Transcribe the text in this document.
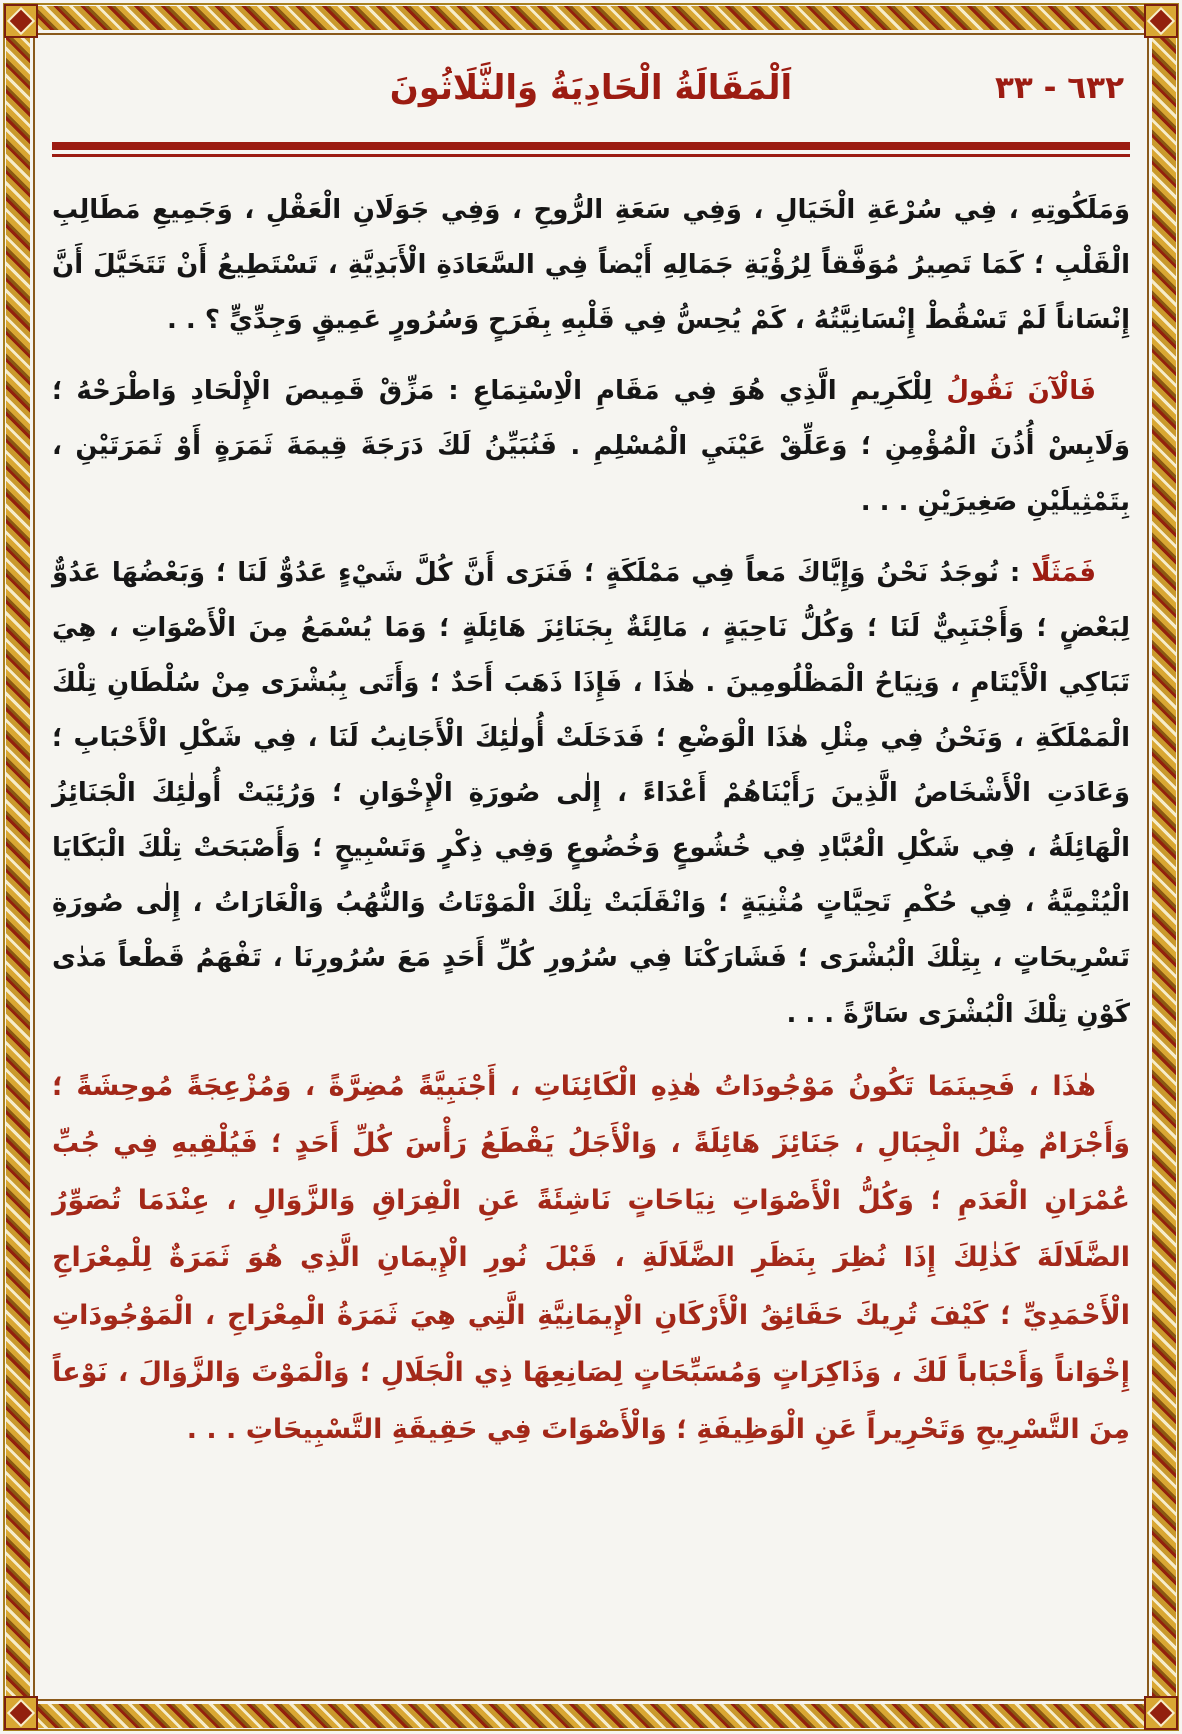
اَلْمَقَالَةُ الْحَادِيَةُ وَالثَّلَاثُونَ	٦٣٢ - ٣٣

وَمَلَكُوتِهِ ، فِي سُرْعَةِ الْخَيَالِ ، وَفِي سَعَةِ الرُّوحِ ، وَفِي جَوَلَانِ الْعَقْلِ ، وَجَمِيعِ مَطَالِبِ الْقَلْبِ ؛ كَمَا تَصِيرُ مُوَفَّقاً لِرُؤْيَةِ جَمَالِهِ أَيْضاً فِي السَّعَادَةِ الْأَبَدِيَّةِ ، تَسْتَطِيعُ أَنْ تَتَخَيَّلَ أَنَّ إِنْسَاناً لَمْ تَسْقُطْ إِنْسَانِيَّتُهُ ، كَمْ يُحِسُّ فِي قَلْبِهِ بِفَرَحٍ وَسُرُورٍ عَمِيقٍ وَجِدِّيٍّ ؟ . .

فَالْآنَ نَقُولُ لِلْكَرِيمِ الَّذِي هُوَ فِي مَقَامِ الْاِسْتِمَاعِ : مَزِّقْ قَمِيصَ الْإِلْحَادِ وَاطْرَحْهُ ؛ وَلَابِسْ أُذُنَ الْمُؤْمِنِ ؛ وَعَلِّقْ عَيْنَيِ الْمُسْلِمِ . فَنُبَيِّنُ لَكَ دَرَجَةَ قِيمَةَ ثَمَرَةٍ أَوْ ثَمَرَتَيْنِ ، بِتَمْثِيلَيْنِ صَغِيرَيْنِ . . .

فَمَثَلًا : نُوجَدُ نَحْنُ وَإِيَّاكَ مَعاً فِي مَمْلَكَةٍ ؛ فَنَرَى أَنَّ كُلَّ شَيْءٍ عَدُوٌّ لَنَا ؛ وَبَعْضُهَا عَدُوٌّ لِبَعْضٍ ؛ وَأَجْنَبِيٌّ لَنَا ؛ وَكُلُّ نَاحِيَةٍ ، مَالِئَةٌ بِجَنَائِزَ هَائِلَةٍ ؛ وَمَا يُسْمَعُ مِنَ الْأَصْوَاتِ ، هِيَ تَبَاكِي الْأَيْتَامِ ، وَنِيَاحُ الْمَظْلُومِينَ . هٰذَا ، فَإِذَا ذَهَبَ أَحَدٌ ؛ وَأَتَى بِبُشْرَى مِنْ سُلْطَانِ تِلْكَ الْمَمْلَكَةِ ، وَنَحْنُ فِي مِثْلِ هٰذَا الْوَضْعِ ؛ فَدَخَلَتْ أُولٰئِكَ الْأَجَانِبُ لَنَا ، فِي شَكْلِ الْأَحْبَابِ ؛ وَعَادَتِ الْأَشْخَاصُ الَّذِينَ رَأَيْنَاهُمْ أَعْدَاءً ، إِلٰى صُورَةِ الْإِخْوَانِ ؛ وَرُئِيَتْ أُولٰئِكَ الْجَنَائِزُ الْهَائِلَةُ ، فِي شَكْلِ الْعُبَّادِ فِي خُشُوعٍ وَخُضُوعٍ وَفِي ذِكْرٍ وَتَسْبِيحٍ ؛ وَأَصْبَحَتْ تِلْكَ الْبَكَايَا الْيُتْمِيَّةُ ، فِي حُكْمِ تَحِيَّاتٍ مُثْنِيَةٍ ؛ وَانْقَلَبَتْ تِلْكَ الْمَوْتَاتُ وَالنُّهُبُ وَالْغَارَاتُ ، إِلٰى صُورَةِ تَسْرِيحَاتٍ ، بِتِلْكَ الْبُشْرَى ؛ فَشَارَكْنَا فِي سُرُورِ كُلِّ أَحَدٍ مَعَ سُرُورِنَا ، تَفْهَمُ قَطْعاً مَدٰى كَوْنِ تِلْكَ الْبُشْرَى سَارَّةً . . .

هٰذَا ، فَحِينَمَا تَكُونُ مَوْجُودَاتُ هٰذِهِ الْكَائِنَاتِ ، أَجْنَبِيَّةً مُضِرَّةً ، وَمُزْعِجَةً مُوحِشَةً ؛ وَأَجْرَامٌ مِثْلُ الْجِبَالِ ، جَنَائِزَ هَائِلَةً ، وَالْأَجَلُ يَقْطَعُ رَأْسَ كُلِّ أَحَدٍ ؛ فَيُلْقِيهِ فِي جُبِّ عُمْرَانِ الْعَدَمِ ؛ وَكُلُّ الْأَصْوَاتِ نِيَاحَاتٍ نَاشِئَةً عَنِ الْفِرَاقِ وَالزَّوَالِ ، عِنْدَمَا تُصَوِّرُ الضَّلَالَةَ كَذٰلِكَ إِذَا نُظِرَ بِنَظَرِ الضَّلَالَةِ ، قَبْلَ نُورِ الْإِيمَانِ الَّذِي هُوَ ثَمَرَةٌ لِلْمِعْرَاجِ الْأَحْمَدِيِّ ؛ كَيْفَ تُرِيكَ حَقَائِقُ الْأَرْكَانِ الْإِيمَانِيَّةِ الَّتِي هِيَ ثَمَرَةُ الْمِعْرَاجِ ، الْمَوْجُودَاتِ إِخْوَاناً وَأَحْبَاباً لَكَ ، وَذَاكِرَاتٍ وَمُسَبِّحَاتٍ لِصَانِعِهَا ذِي الْجَلَالِ ؛ وَالْمَوْتَ وَالزَّوَالَ ، نَوْعاً مِنَ التَّسْرِيحِ وَتَحْرِيراً عَنِ الْوَظِيفَةِ ؛ وَالْأَصْوَاتَ فِي حَقِيقَةِ التَّسْبِيحَاتِ . . .
